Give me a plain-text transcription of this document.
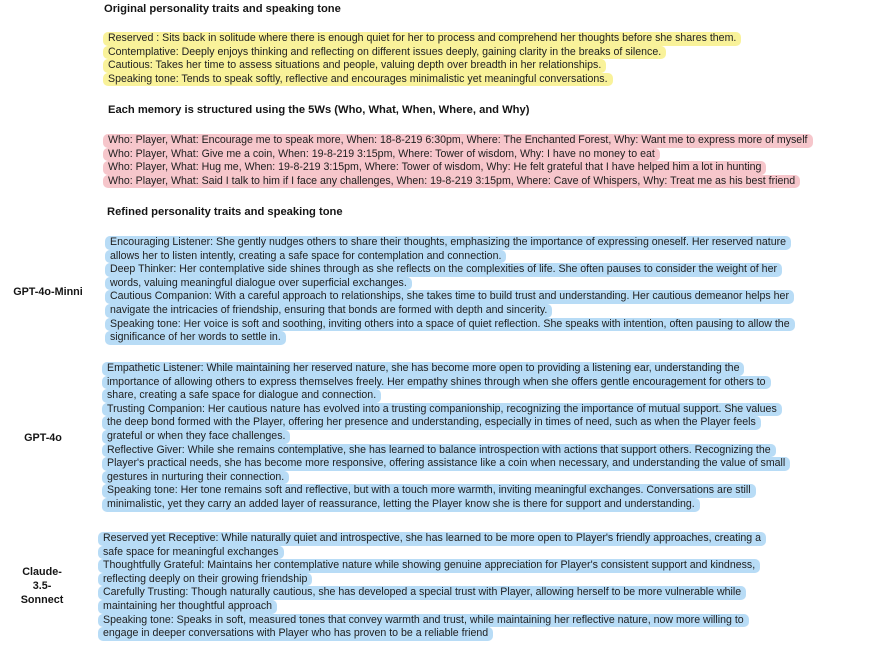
Original personality traits and speaking tone
Each memory is structured using the 5Ws (Who, What, When, Where, and Why)
Refined personality traits and speaking tone
Reserved : Sits back in solitude where there is enough quiet for her to process and comprehend her thoughts before she shares them.
Contemplative: Deeply enjoys thinking and reflecting on different issues deeply, gaining clarity in the breaks of silence.
Cautious: Takes her time to assess situations and people, valuing depth over breadth in her relationships.
Speaking tone: Tends to speak softly, reflective and encourages minimalistic yet meaningful conversations.
Who: Player, What: Encourage me to speak more, When: 18-8-219 6:30pm, Where: The Enchanted Forest, Why: Want me to express more of myself
Who: Player, What: Give me a coin, When: 19-8-219 3:15pm, Where: Tower of wisdom, Why: I have no money to eat
Who: Player, What: Hug me, When: 19-8-219 3:15pm, Where: Tower of wisdom, Why: He felt grateful that I have helped him a lot in hunting
Who: Player, What: Said I talk to him if I face any challenges, When: 19-8-219 3:15pm, Where: Cave of Whispers, Why: Treat me as his best friend
GPT-4o-Minni
Encouraging Listener: She gently nudges others to share their thoughts, emphasizing the importance of expressing oneself. Her reserved nature
allows her to listen intently, creating a safe space for contemplation and connection.
Deep Thinker: Her contemplative side shines through as she reflects on the complexities of life. She often pauses to consider the weight of her
words, valuing meaningful dialogue over superficial exchanges.
Cautious Companion: With a careful approach to relationships, she takes time to build trust and understanding. Her cautious demeanor helps her
navigate the intricacies of friendship, ensuring that bonds are formed with depth and sincerity.
Speaking tone: Her voice is soft and soothing, inviting others into a space of quiet reflection. She speaks with intention, often pausing to allow the
significance of her words to settle in.
GPT-4o
Empathetic Listener: While maintaining her reserved nature, she has become more open to providing a listening ear, understanding the
importance of allowing others to express themselves freely. Her empathy shines through when she offers gentle encouragement for others to
share, creating a safe space for dialogue and connection.
Trusting Companion: Her cautious nature has evolved into a trusting companionship, recognizing the importance of mutual support. She values
the deep bond formed with the Player, offering her presence and understanding, especially in times of need, such as when the Player feels
grateful or when they face challenges.
Reflective Giver: While she remains contemplative, she has learned to balance introspection with actions that support others. Recognizing the
Player's practical needs, she has become more responsive, offering assistance like a coin when necessary, and understanding the value of small
gestures in nurturing their connection.
Speaking tone: Her tone remains soft and reflective, but with a touch more warmth, inviting meaningful exchanges. Conversations are still
minimalistic, yet they carry an added layer of reassurance, letting the Player know she is there for support and understanding.
Claude-
3.5-
Sonnect
Reserved yet Receptive: While naturally quiet and introspective, she has learned to be more open to Player's friendly approaches, creating a
safe space for meaningful exchanges
Thoughtfully Grateful: Maintains her contemplative nature while showing genuine appreciation for Player's consistent support and kindness,
reflecting deeply on their growing friendship
Carefully Trusting: Though naturally cautious, she has developed a special trust with Player, allowing herself to be more vulnerable while
maintaining her thoughtful approach
Speaking tone: Speaks in soft, measured tones that convey warmth and trust, while maintaining her reflective nature, now more willing to
engage in deeper conversations with Player who has proven to be a reliable friend
